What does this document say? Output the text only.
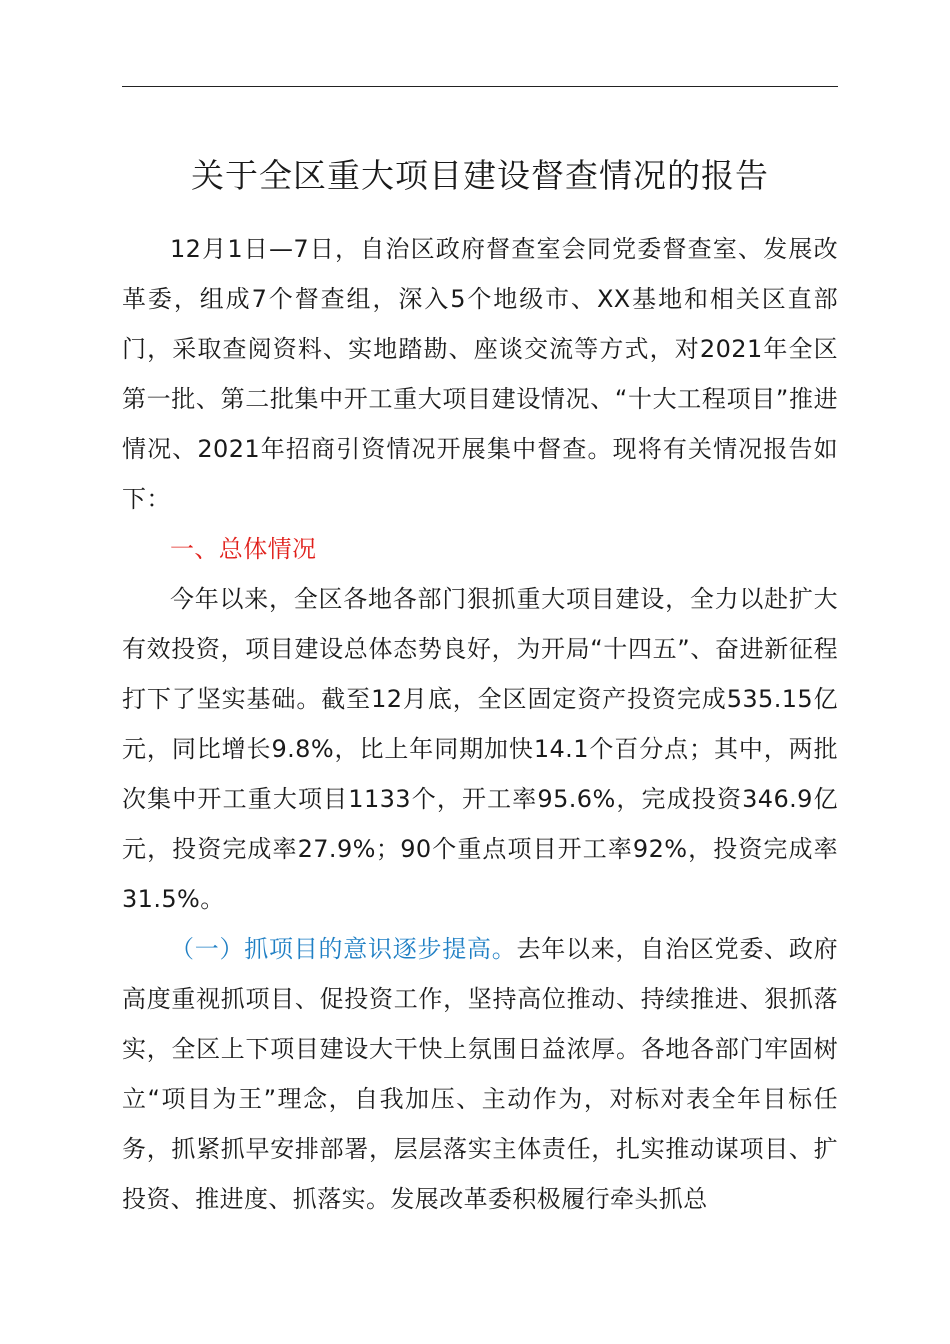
关于全区重大项目建设督查情况的报告

12月1日—7日，自治区政府督查室会同党委督查室、发展改革委，组成7个督查组，深入5个地级市、XX基地和相关区直部门，采取查阅资料、实地踏勘、座谈交流等方式，对2021年全区第一批、第二批集中开工重大项目建设情况、“十大工程项目”推进情况、2021年招商引资情况开展集中督查。现将有关情况报告如下：

一、总体情况

今年以来，全区各地各部门狠抓重大项目建设，全力以赴扩大有效投资，项目建设总体态势良好，为开局“十四五”、奋进新征程打下了坚实基础。截至12月底，全区固定资产投资完成535.15亿元，同比增长9.8%，比上年同期加快14.1个百分点；其中，两批次集中开工重大项目1133个，开工率95.6%，完成投资346.9亿元，投资完成率27.9%；90个重点项目开工率92%，投资完成率31.5%。

（一）抓项目的意识逐步提高。去年以来，自治区党委、政府高度重视抓项目、促投资工作，坚持高位推动、持续推进、狠抓落实，全区上下项目建设大干快上氛围日益浓厚。各地各部门牢固树立“项目为王”理念，自我加压、主动作为，对标对表全年目标任务，抓紧抓早安排部署，层层落实主体责任，扎实推动谋项目、扩投资、推进度、抓落实。发展改革委积极履行牵头抓总
